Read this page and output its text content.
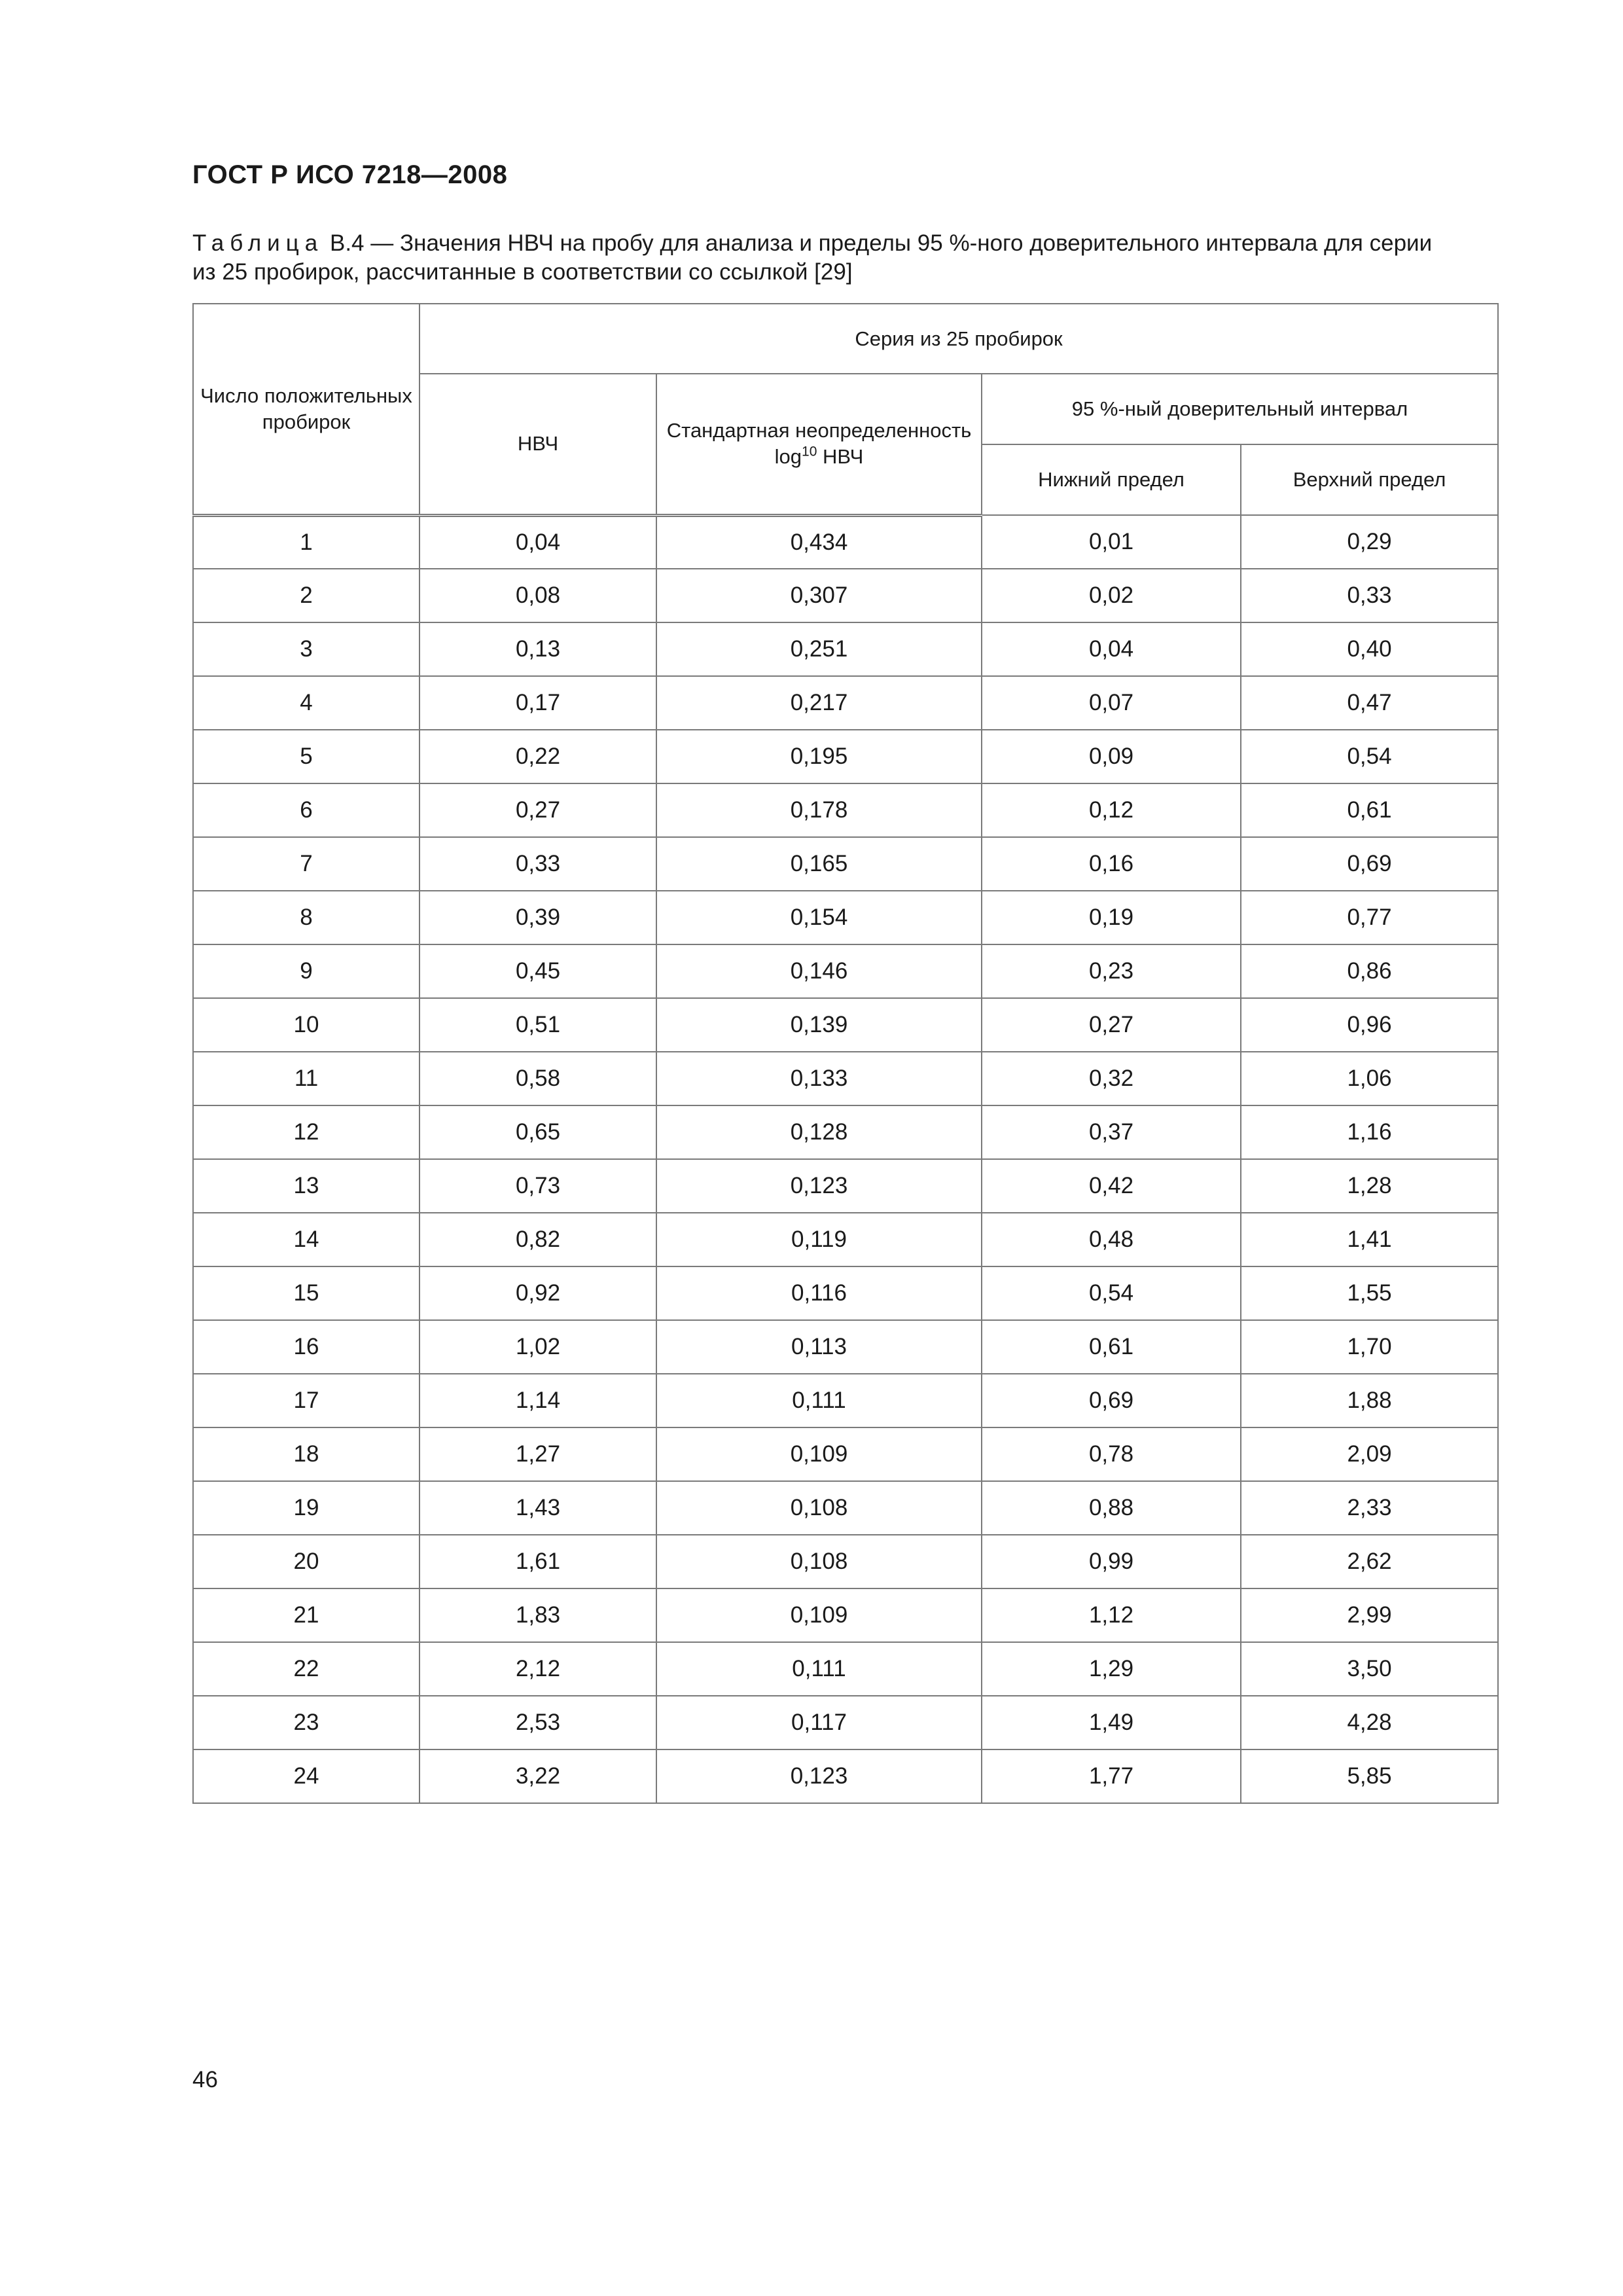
ГОСТ Р ИСО 7218—2008

Таблица В.4 — Значения НВЧ на пробу для анализа и пределы 95 %-ного доверительного интервала для серии
из 25 пробирок, рассчитанные в соответствии со ссылкой [29]

Число положительных пробирок	Серия из 25 пробирок			
	НВЧ	Стандартная неопределенность $\log^{10}$ НВЧ	95 %-ный доверительный интервал	
			Нижний предел	Верхний предел
1	0,04	0,434	0,01	0,29
2	0,08	0,307	0,02	0,33
3	0,13	0,251	0,04	0,40
4	0,17	0,217	0,07	0,47
5	0,22	0,195	0,09	0,54
6	0,27	0,178	0,12	0,61
7	0,33	0,165	0,16	0,69
8	0,39	0,154	0,19	0,77
9	0,45	0,146	0,23	0,86
10	0,51	0,139	0,27	0,96
11	0,58	0,133	0,32	1,06
12	0,65	0,128	0,37	1,16
13	0,73	0,123	0,42	1,28
14	0,82	0,119	0,48	1,41
15	0,92	0,116	0,54	1,55
16	1,02	0,113	0,61	1,70
17	1,14	0,111	0,69	1,88
18	1,27	0,109	0,78	2,09
19	1,43	0,108	0,88	2,33
20	1,61	0,108	0,99	2,62
21	1,83	0,109	1,12	2,99
22	2,12	0,111	1,29	3,50
23	2,53	0,117	1,49	4,28
24	3,22	0,123	1,77	5,85

46
